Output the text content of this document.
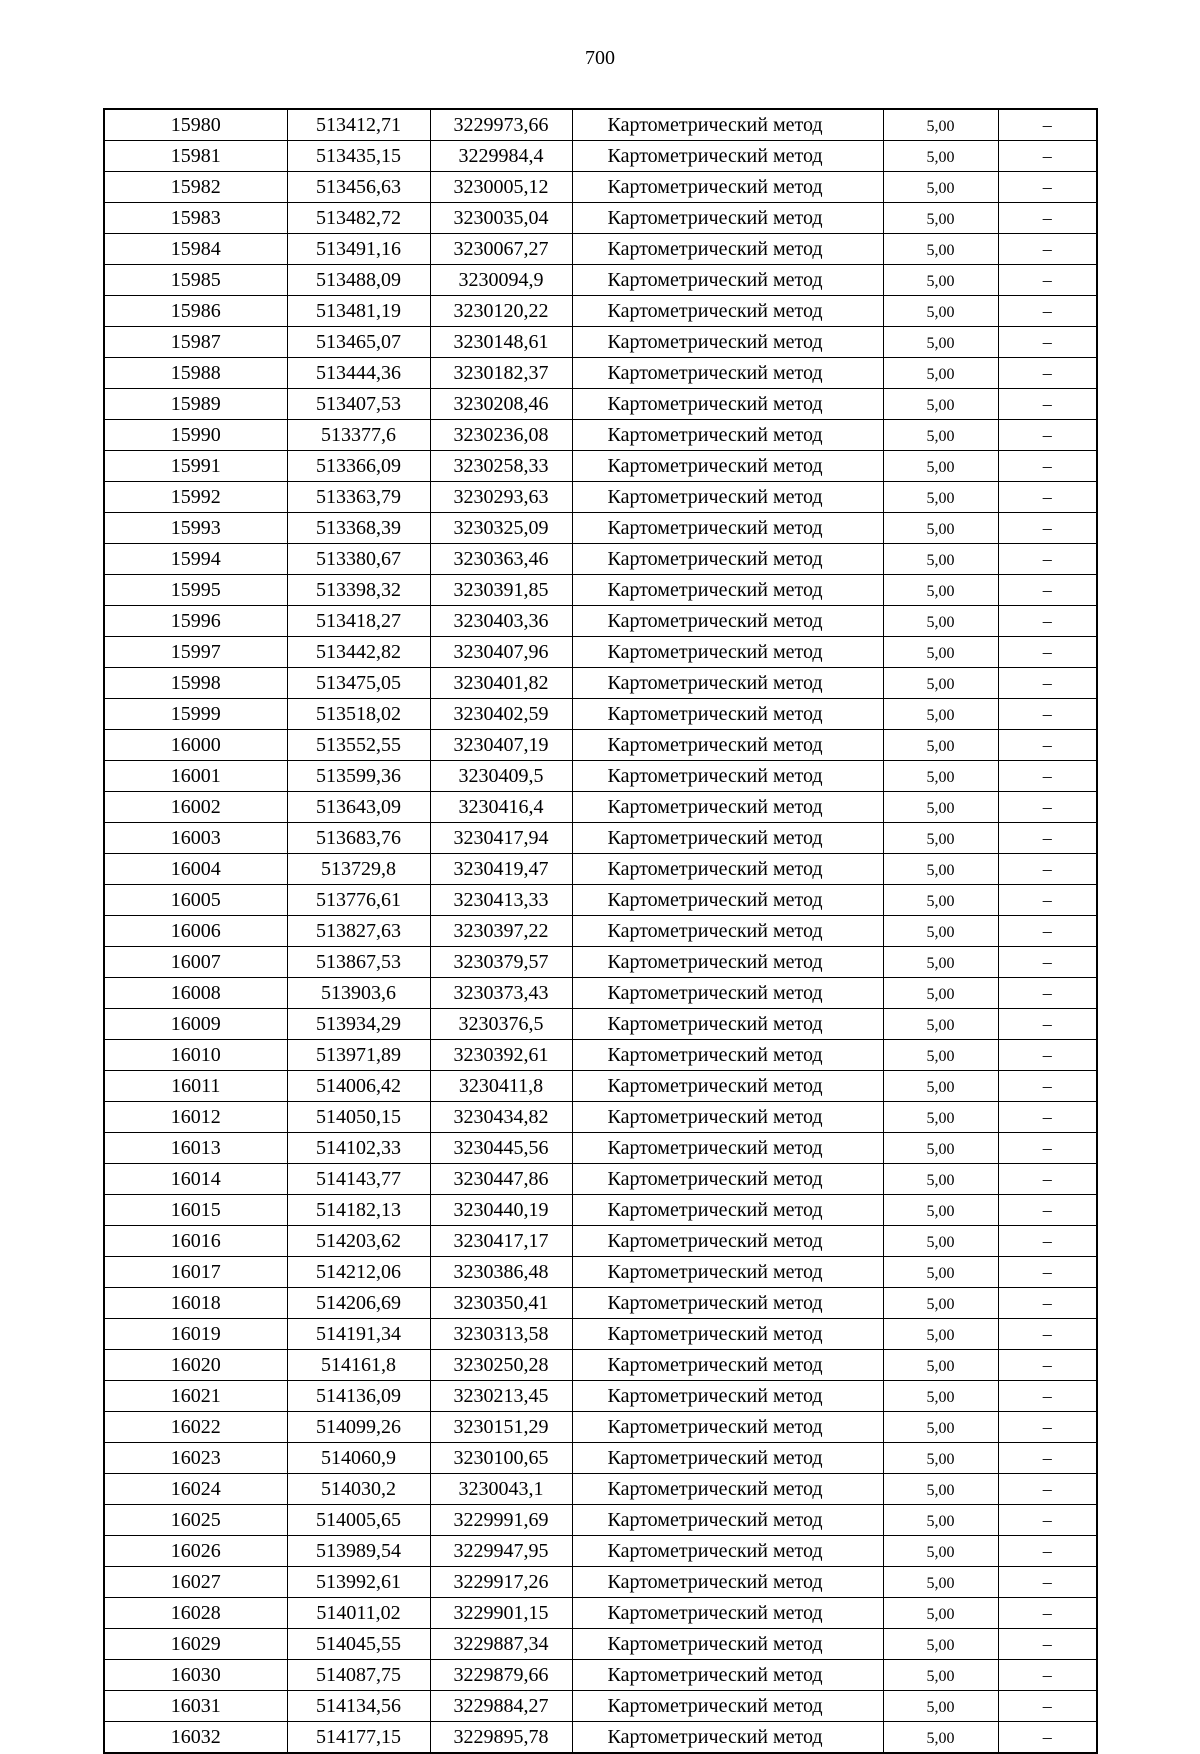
700
15980	513412,71	3229973,66	Картометрический метод	5,00	–
15981	513435,15	3229984,4	Картометрический метод	5,00	–
15982	513456,63	3230005,12	Картометрический метод	5,00	–
15983	513482,72	3230035,04	Картометрический метод	5,00	–
15984	513491,16	3230067,27	Картометрический метод	5,00	–
15985	513488,09	3230094,9	Картометрический метод	5,00	–
15986	513481,19	3230120,22	Картометрический метод	5,00	–
15987	513465,07	3230148,61	Картометрический метод	5,00	–
15988	513444,36	3230182,37	Картометрический метод	5,00	–
15989	513407,53	3230208,46	Картометрический метод	5,00	–
15990	513377,6	3230236,08	Картометрический метод	5,00	–
15991	513366,09	3230258,33	Картометрический метод	5,00	–
15992	513363,79	3230293,63	Картометрический метод	5,00	–
15993	513368,39	3230325,09	Картометрический метод	5,00	–
15994	513380,67	3230363,46	Картометрический метод	5,00	–
15995	513398,32	3230391,85	Картометрический метод	5,00	–
15996	513418,27	3230403,36	Картометрический метод	5,00	–
15997	513442,82	3230407,96	Картометрический метод	5,00	–
15998	513475,05	3230401,82	Картометрический метод	5,00	–
15999	513518,02	3230402,59	Картометрический метод	5,00	–
16000	513552,55	3230407,19	Картометрический метод	5,00	–
16001	513599,36	3230409,5	Картометрический метод	5,00	–
16002	513643,09	3230416,4	Картометрический метод	5,00	–
16003	513683,76	3230417,94	Картометрический метод	5,00	–
16004	513729,8	3230419,47	Картометрический метод	5,00	–
16005	513776,61	3230413,33	Картометрический метод	5,00	–
16006	513827,63	3230397,22	Картометрический метод	5,00	–
16007	513867,53	3230379,57	Картометрический метод	5,00	–
16008	513903,6	3230373,43	Картометрический метод	5,00	–
16009	513934,29	3230376,5	Картометрический метод	5,00	–
16010	513971,89	3230392,61	Картометрический метод	5,00	–
16011	514006,42	3230411,8	Картометрический метод	5,00	–
16012	514050,15	3230434,82	Картометрический метод	5,00	–
16013	514102,33	3230445,56	Картометрический метод	5,00	–
16014	514143,77	3230447,86	Картометрический метод	5,00	–
16015	514182,13	3230440,19	Картометрический метод	5,00	–
16016	514203,62	3230417,17	Картометрический метод	5,00	–
16017	514212,06	3230386,48	Картометрический метод	5,00	–
16018	514206,69	3230350,41	Картометрический метод	5,00	–
16019	514191,34	3230313,58	Картометрический метод	5,00	–
16020	514161,8	3230250,28	Картометрический метод	5,00	–
16021	514136,09	3230213,45	Картометрический метод	5,00	–
16022	514099,26	3230151,29	Картометрический метод	5,00	–
16023	514060,9	3230100,65	Картометрический метод	5,00	–
16024	514030,2	3230043,1	Картометрический метод	5,00	–
16025	514005,65	3229991,69	Картометрический метод	5,00	–
16026	513989,54	3229947,95	Картометрический метод	5,00	–
16027	513992,61	3229917,26	Картометрический метод	5,00	–
16028	514011,02	3229901,15	Картометрический метод	5,00	–
16029	514045,55	3229887,34	Картометрический метод	5,00	–
16030	514087,75	3229879,66	Картометрический метод	5,00	–
16031	514134,56	3229884,27	Картометрический метод	5,00	–
16032	514177,15	3229895,78	Картометрический метод	5,00	–
